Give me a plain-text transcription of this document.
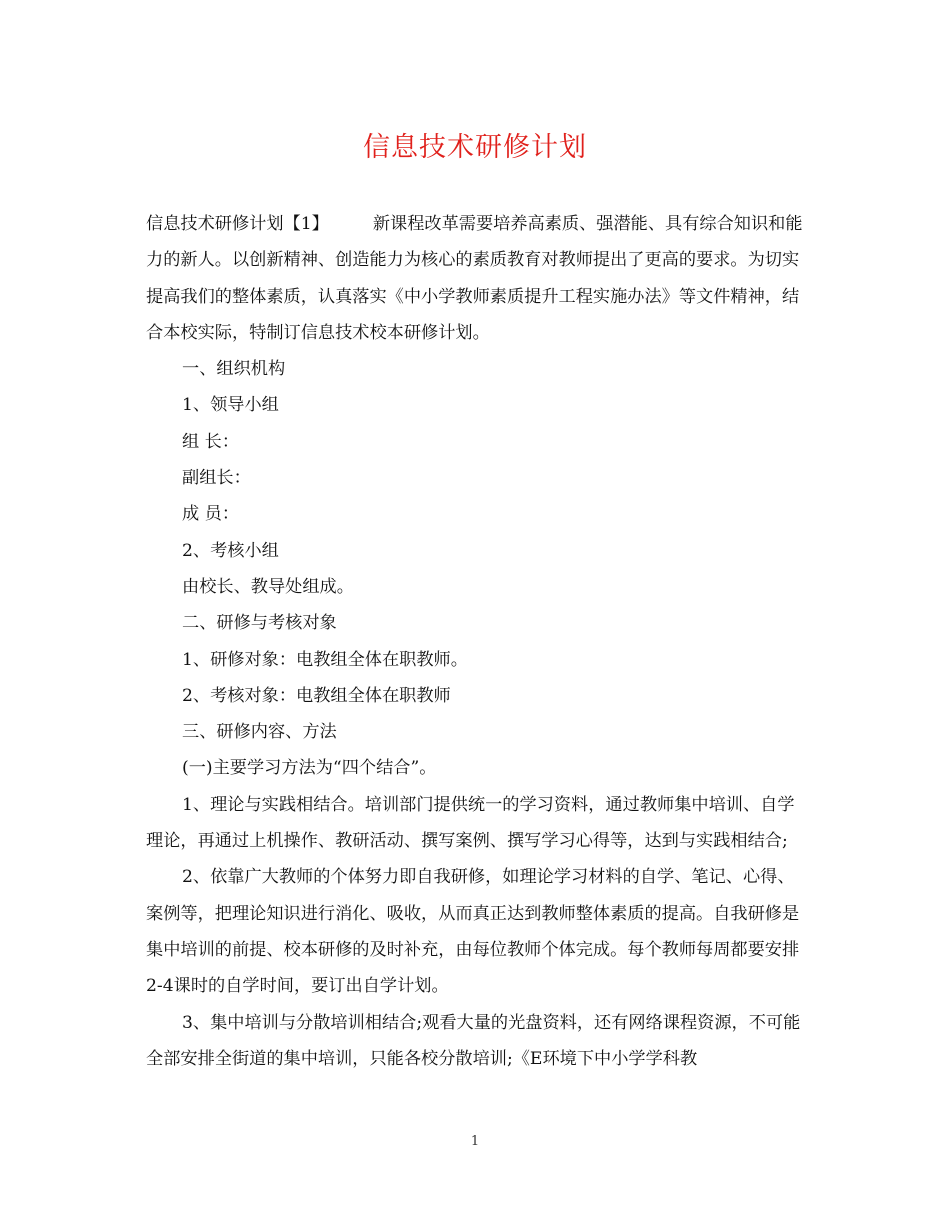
信息技术研修计划

信息技术研修计划【1】	新课程改革需要培养高素质、强潜能、具有综合知识和能力的新人。以创新精神、创造能力为核心的素质教育对教师提出了更高的要求。为切实提高我们的整体素质，认真落实《中小学教师素质提升工程实施办法》等文件精神，结合本校实际，特制订信息技术校本研修计划。

一、组织机构

1、领导小组

组 长：

副组长：

成 员：

2、考核小组

由校长、教导处组成。

二、研修与考核对象

1、研修对象：电教组全体在职教师。

2、考核对象：电教组全体在职教师

三、研修内容、方法

(一)主要学习方法为“四个结合”。

1、理论与实践相结合。培训部门提供统一的学习资料，通过教师集中培训、自学理论，再通过上机操作、教研活动、撰写案例、撰写学习心得等，达到与实践相结合;

2、依靠广大教师的个体努力即自我研修，如理论学习材料的自学、笔记、心得、案例等，把理论知识进行消化、吸收，从而真正达到教师整体素质的提高。自我研修是集中培训的前提、校本研修的及时补充，由每位教师个体完成。每个教师每周都要安排2-4课时的自学时间，要订出自学计划。

3、集中培训与分散培训相结合;观看大量的光盘资料，还有网络课程资源，不可能全部安排全街道的集中培训，只能各校分散培训;《E环境下中小学学科教

1
